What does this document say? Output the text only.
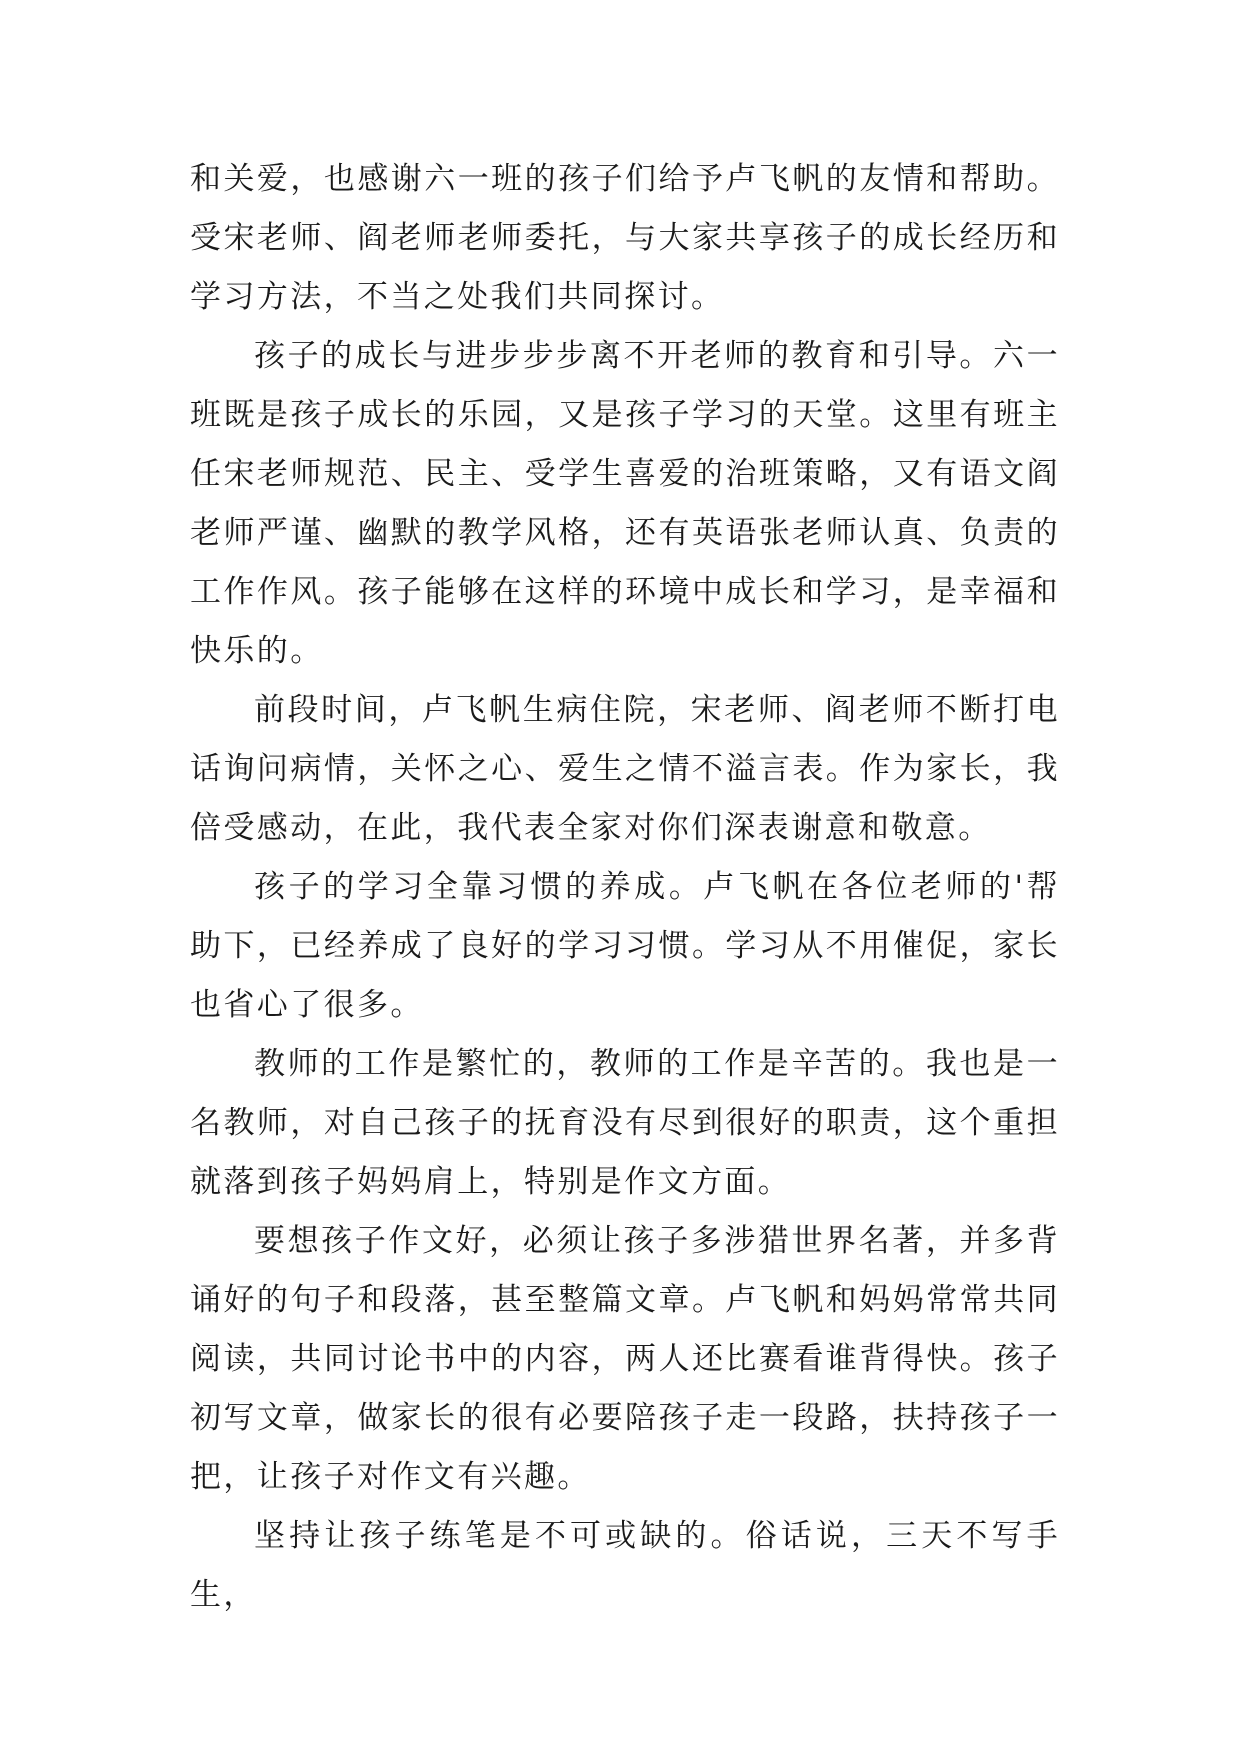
和关爱，也感谢六一班的孩子们给予卢飞帆的友情和帮助。受宋老师、阎老师老师委托，与大家共享孩子的成长经历和学习方法，不当之处我们共同探讨。

孩子的成长与进步步步离不开老师的教育和引导。六一班既是孩子成长的乐园，又是孩子学习的天堂。这里有班主任宋老师规范、民主、受学生喜爱的治班策略，又有语文阎老师严谨、幽默的教学风格，还有英语张老师认真、负责的工作作风。孩子能够在这样的环境中成长和学习，是幸福和快乐的。

前段时间，卢飞帆生病住院，宋老师、阎老师不断打电话询问病情，关怀之心、爱生之情不溢言表。作为家长，我倍受感动，在此，我代表全家对你们深表谢意和敬意。

孩子的学习全靠习惯的养成。卢飞帆在各位老师的'帮助下，已经养成了良好的学习习惯。学习从不用催促，家长也省心了很多。

教师的工作是繁忙的，教师的工作是辛苦的。我也是一名教师，对自己孩子的抚育没有尽到很好的职责，这个重担就落到孩子妈妈肩上，特别是作文方面。

要想孩子作文好，必须让孩子多涉猎世界名著，并多背诵好的句子和段落，甚至整篇文章。卢飞帆和妈妈常常共同阅读，共同讨论书中的内容，两人还比赛看谁背得快。孩子初写文章，做家长的很有必要陪孩子走一段路，扶持孩子一把，让孩子对作文有兴趣。

坚持让孩子练笔是不可或缺的。俗话说，三天不写手生，
